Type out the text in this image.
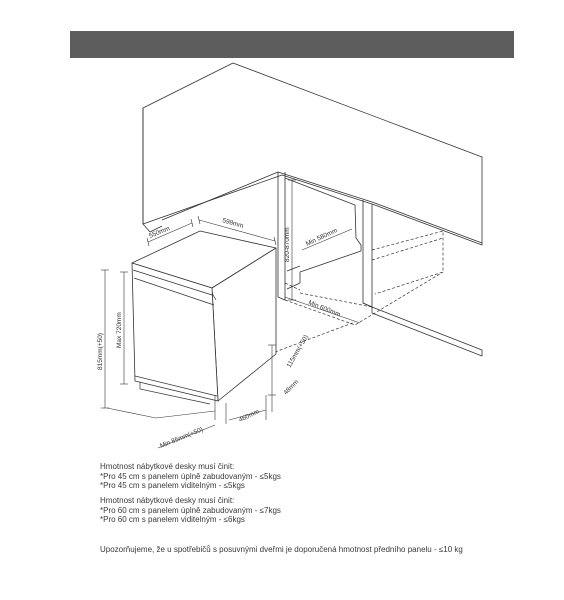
550mm
598mm
820-870mm Min 580mm
Min 600mm
815mm(+50)
Max 720mm
115mm(+50)
48mm
460mm
Min 85mm(+50)
Hmotnost nábytkové desky musí činit:
*Pro 45 cm s panelem úplně zabudovaným - ≤5kgs
*Pro 45 cm s panelem viditelným - ≤5kgs
Hmotnost nábytkové desky musí činit:
*Pro 60 cm s panelem úplně zabudovaným - ≤7kgs
*Pro 60 cm s panelem viditelným - ≤6kgs
Upozorňujeme, že u spotřebičů s posuvnými dveřmi je doporučená hmotnost předního panelu - ≤10 kg
